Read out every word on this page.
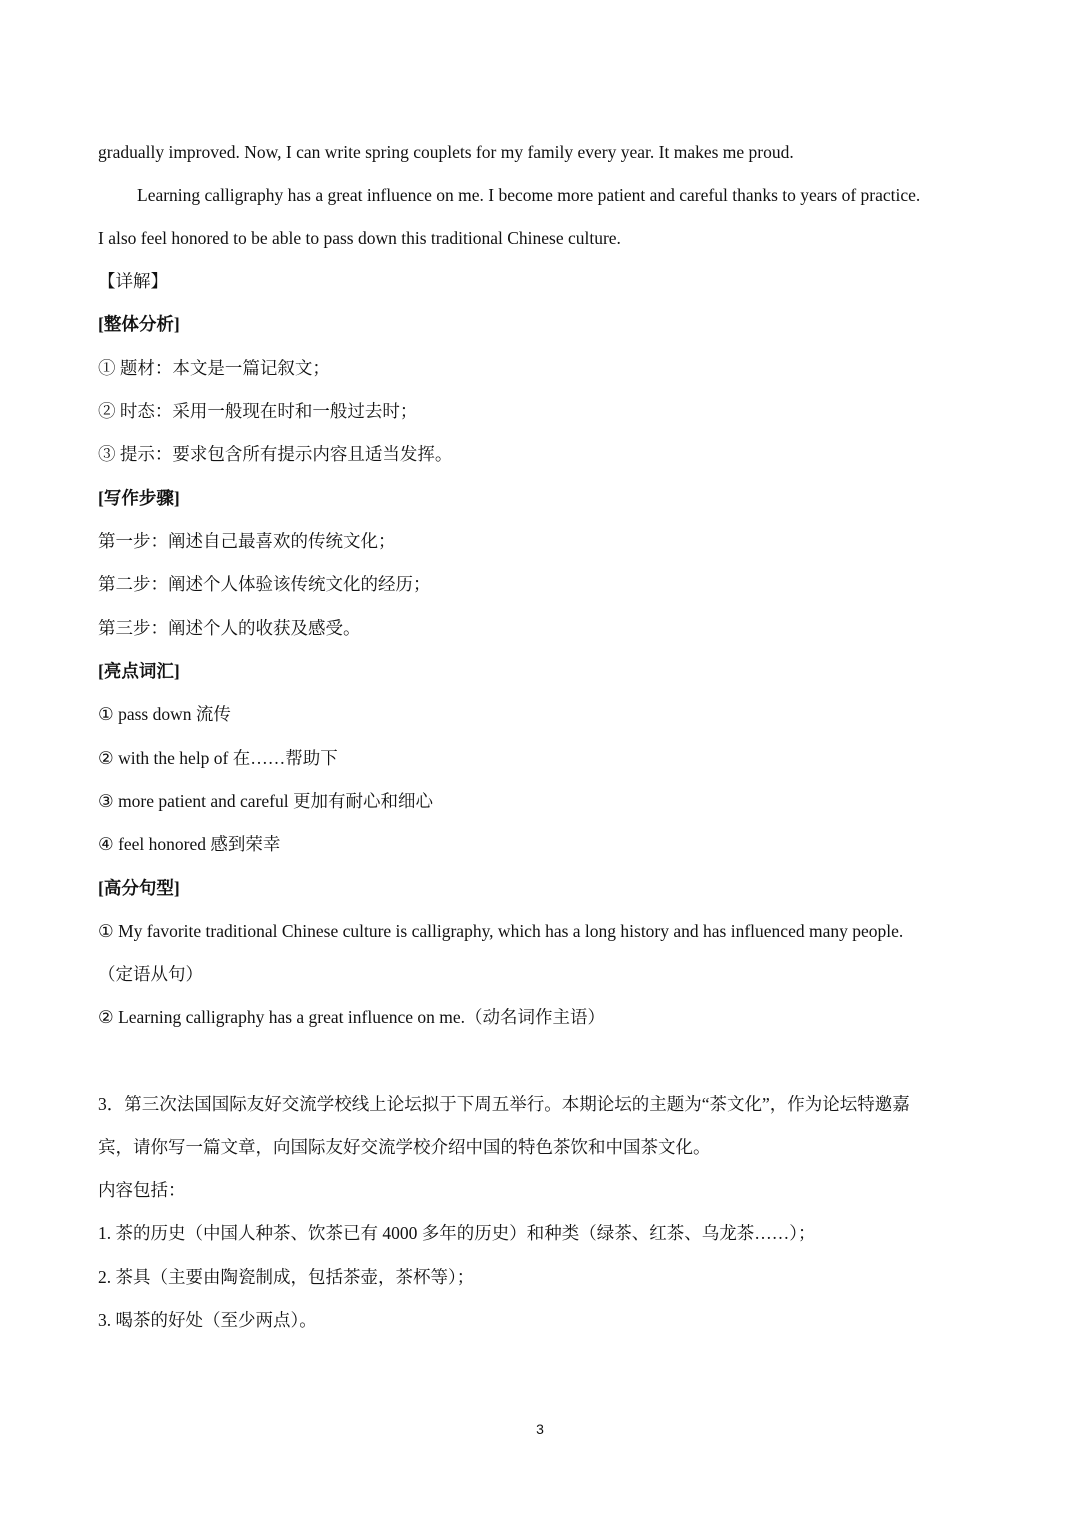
gradually improved. Now, I can write spring couplets for my family every year. It makes me proud.
Learning calligraphy has a great influence on me. I become more patient and careful thanks to years of practice.
I also feel honored to be able to pass down this traditional Chinese culture.
【详解】
[整体分析]
① 题材：本文是一篇记叙文；
② 时态：采用一般现在时和一般过去时；
③ 提示：要求包含所有提示内容且适当发挥。
[写作步骤]
第一步：阐述自己最喜欢的传统文化；
第二步：阐述个人体验该传统文化的经历；
第三步：阐述个人的收获及感受。
[亮点词汇]
① pass down 流传
② with the help of 在……帮助下
③ more patient and careful 更加有耐心和细心
④ feel honored 感到荣幸
[高分句型]
① My favorite traditional Chinese culture is calligraphy, which has a long history and has influenced many people.
（定语从句）
② Learning calligraphy has a great influence on me.（动名词作主语）
3．第三次法国国际友好交流学校线上论坛拟于下周五举行。本期论坛的主题为“茶文化”，作为论坛特邀嘉
宾，请你写一篇文章，向国际友好交流学校介绍中国的特色茶饮和中国茶文化。
内容包括：
1. 茶的历史（中国人种茶、饮茶已有 4000 多年的历史）和种类（绿茶、红茶、乌龙茶……）；
2. 茶具（主要由陶瓷制成，包括茶壶，茶杯等）；
3. 喝茶的好处（至少两点）。
3
